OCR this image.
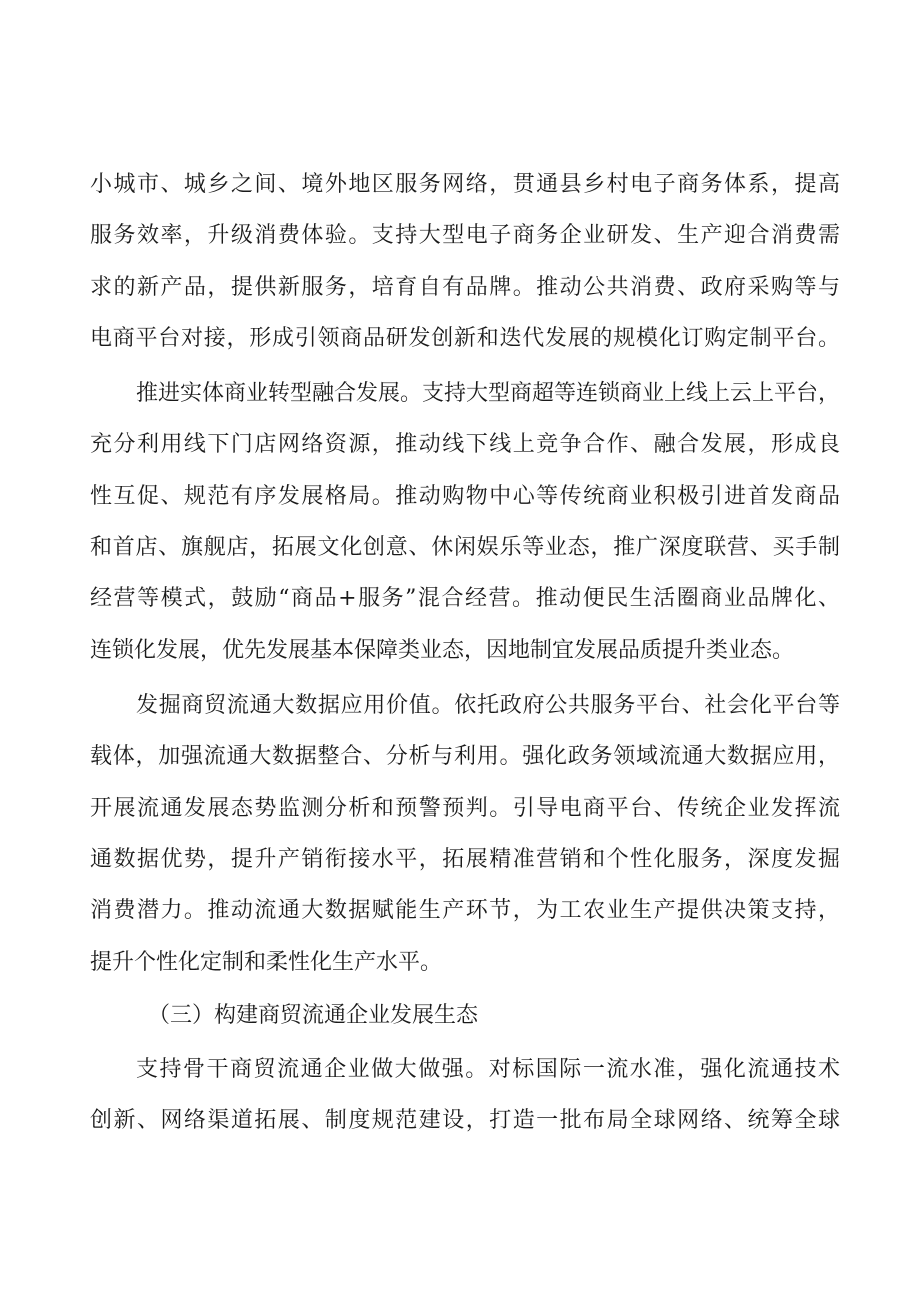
小城市、城乡之间、境外地区服务网络，贯通县乡村电子商务体系，提高
服务效率，升级消费体验。支持大型电子商务企业研发、生产迎合消费需
求的新产品，提供新服务，培育自有品牌。推动公共消费、政府采购等与
电商平台对接，形成引领商品研发创新和迭代发展的规模化订购定制平台。
推进实体商业转型融合发展。支持大型商超等连锁商业上线上云上平台，
充分利用线下门店网络资源，推动线下线上竞争合作、融合发展，形成良
性互促、规范有序发展格局。推动购物中心等传统商业积极引进首发商品
和首店、旗舰店，拓展文化创意、休闲娱乐等业态，推广深度联营、买手制
经营等模式，鼓励“商品+服务”混合经营。推动便民生活圈商业品牌化、
连锁化发展，优先发展基本保障类业态，因地制宜发展品质提升类业态。
发掘商贸流通大数据应用价值。依托政府公共服务平台、社会化平台等
载体，加强流通大数据整合、分析与利用。强化政务领域流通大数据应用，
开展流通发展态势监测分析和预警预判。引导电商平台、传统企业发挥流
通数据优势，提升产销衔接水平，拓展精准营销和个性化服务，深度发掘
消费潜力。推动流通大数据赋能生产环节，为工农业生产提供决策支持，
提升个性化定制和柔性化生产水平。
（三）构建商贸流通企业发展生态
支持骨干商贸流通企业做大做强。对标国际一流水准，强化流通技术
创新、网络渠道拓展、制度规范建设，打造一批布局全球网络、统筹全球
